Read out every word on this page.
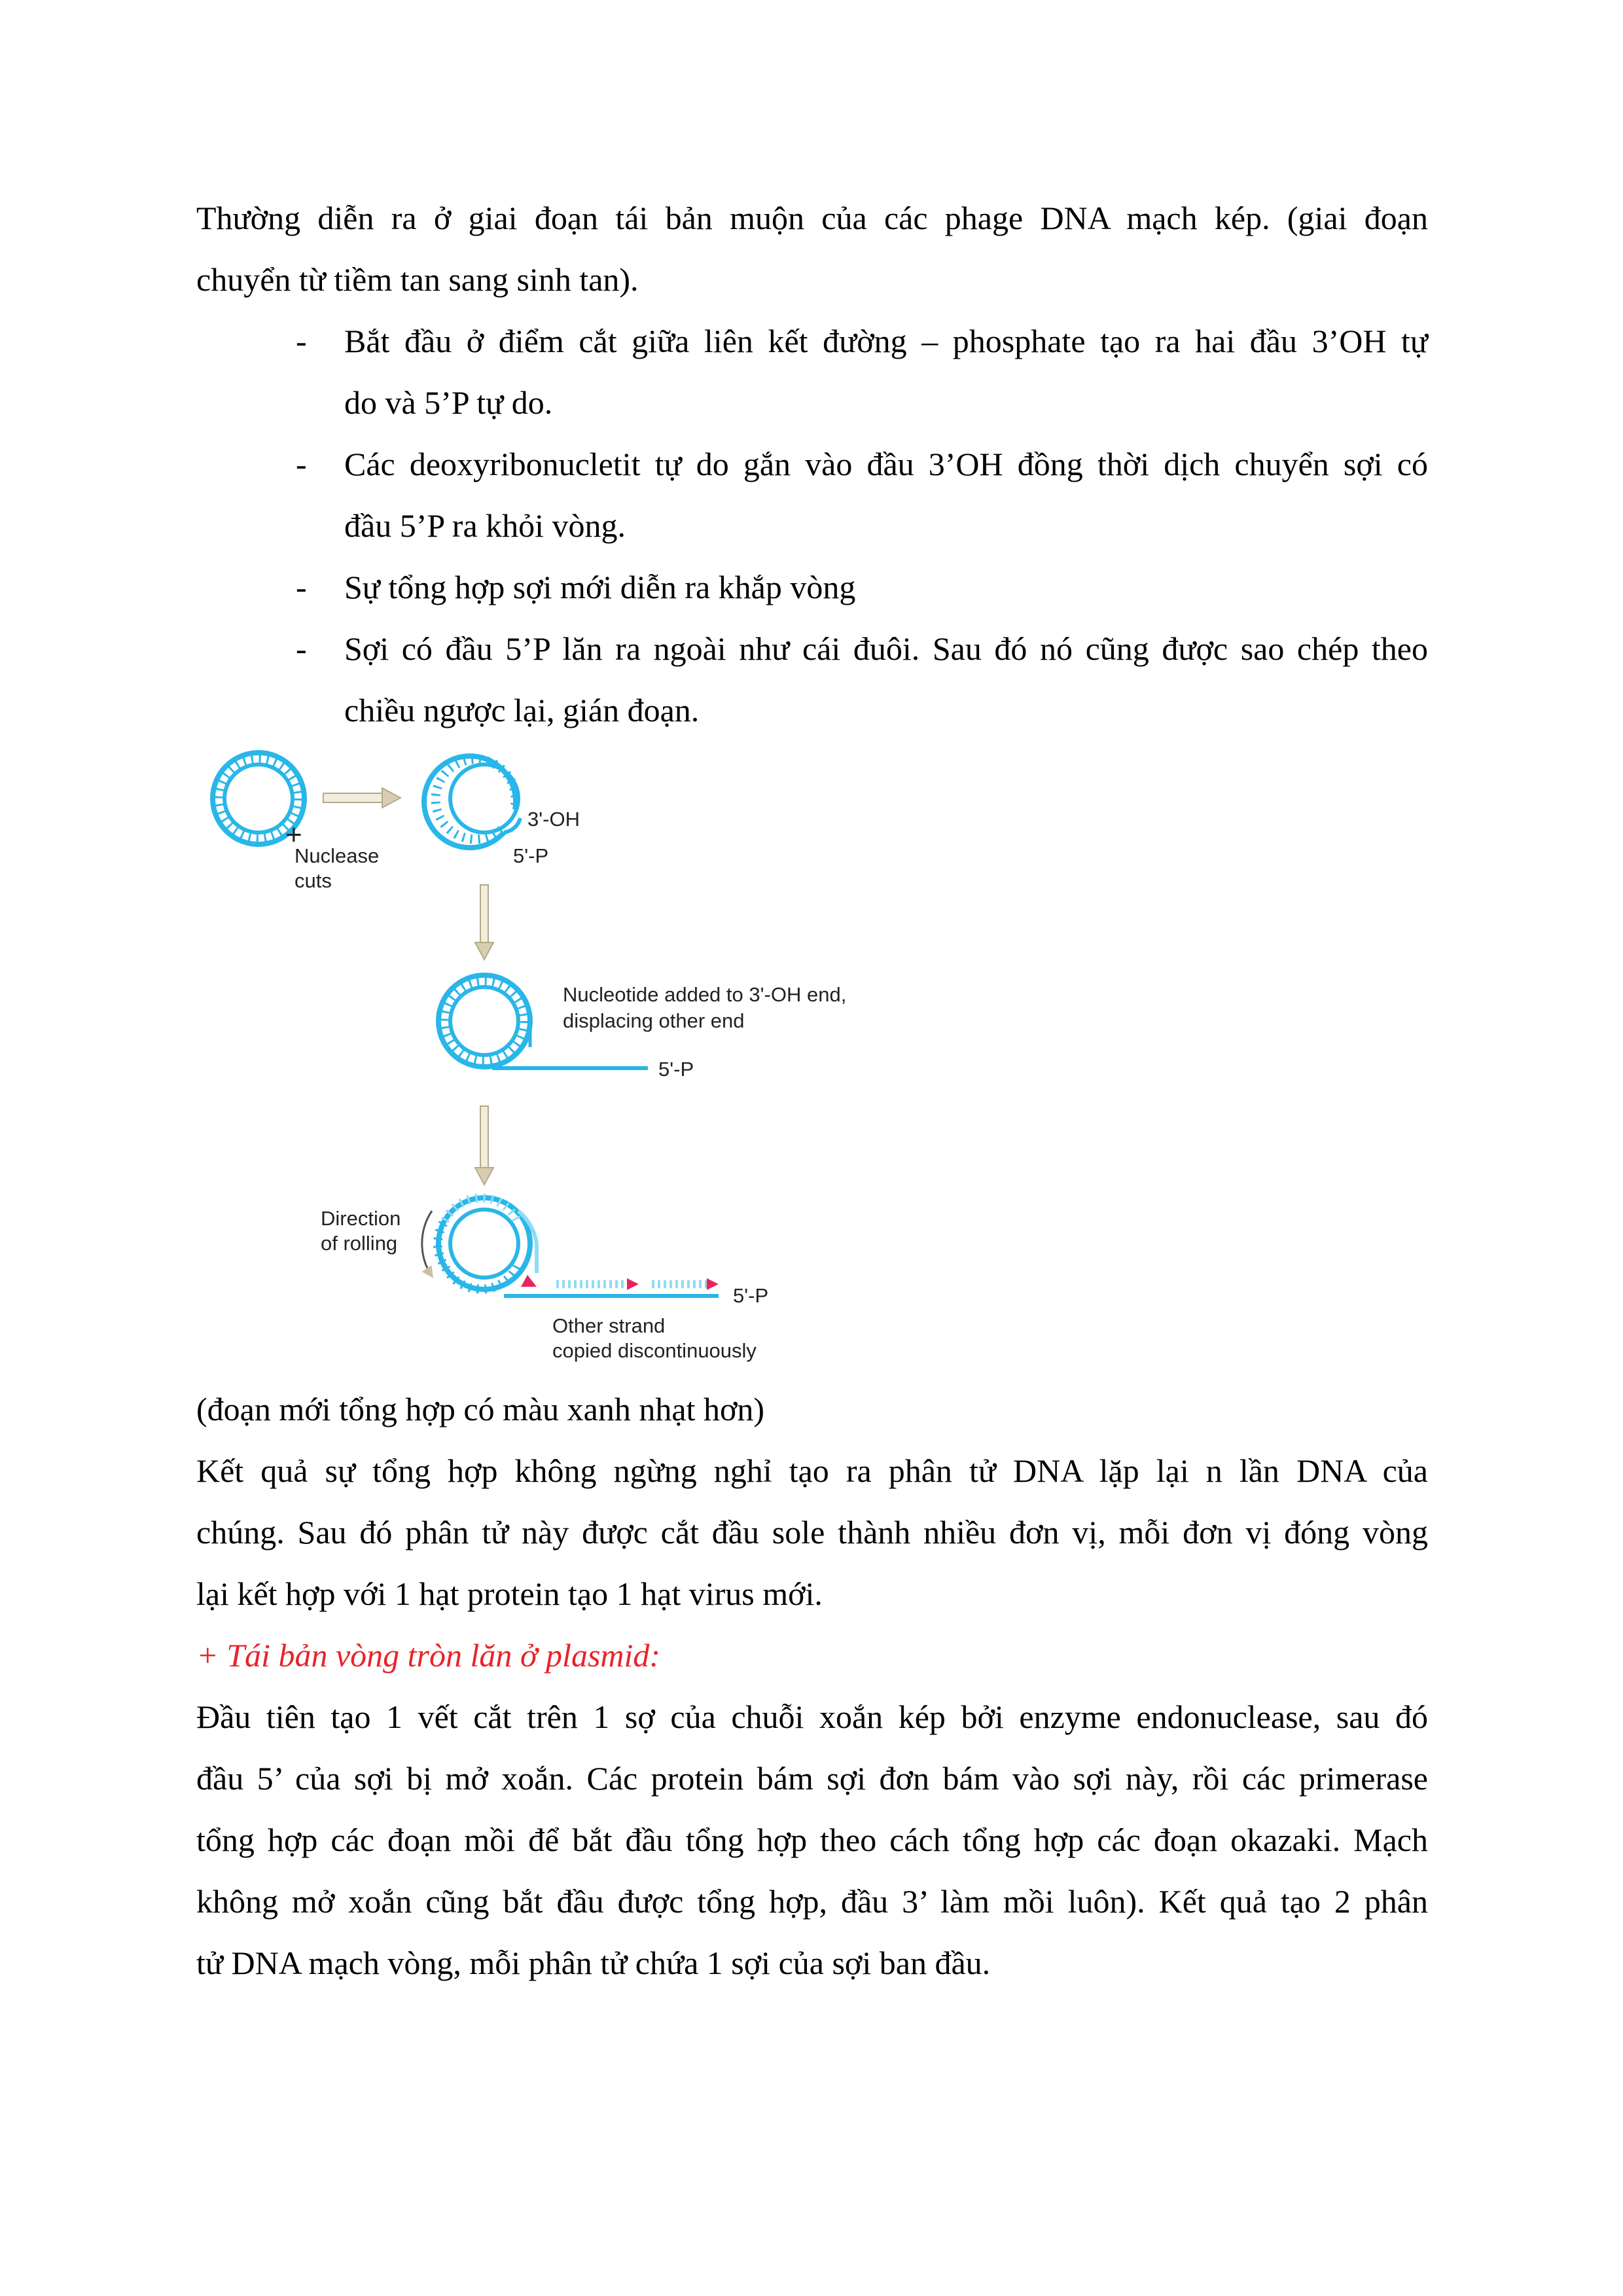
Thường diễn ra ở giai đoạn tái bản muộn của các phage DNA mạch kép. (giai đoạn
chuyển từ tiềm tan sang sinh tan).
- Bắt đầu ở điểm cắt giữa liên kết đường – phosphate tạo ra hai đầu 3’OH tự
do và 5’P tự do.
- Các deoxyribonucletit tự do gắn vào đầu 3’OH đồng thời dịch chuyển sợi có
đầu 5’P ra khỏi vòng.
- Sự tổng hợp sợi mới diễn ra khắp vòng
- Sợi có đầu 5’P lăn ra ngoài như cái đuôi. Sau đó nó cũng được sao chép theo
chiều ngược lại, gián đoạn.
+
Nuclease
cuts
3'-OH
5'-P
Nucleotide added to 3'-OH end,
displacing other end
5'-P
Direction
of rolling
5'-P
Other strand
copied discontinuously
(đoạn mới tổng hợp có màu xanh nhạt hơn)
Kết quả sự tổng hợp không ngừng nghỉ tạo ra phân tử DNA lặp lại n lần DNA của
chúng. Sau đó phân tử này được cắt đầu sole thành nhiều đơn vị, mỗi đơn vị đóng vòng
lại kết hợp với 1 hạt protein tạo 1 hạt virus mới.
+ Tái bản vòng tròn lăn ở plasmid:
Đầu tiên tạo 1 vết cắt trên 1 sợ của chuỗi xoắn kép bởi enzyme endonuclease, sau đó
đầu 5’ của sợi bị mở xoắn. Các protein bám sợi đơn bám vào sợi này, rồi các primerase
tổng hợp các đoạn mồi để bắt đầu tổng hợp theo cách tổng hợp các đoạn okazaki. Mạch
không mở xoắn cũng bắt đầu được tổng hợp, đầu 3’ làm mồi luôn). Kết quả tạo 2 phân
tử DNA mạch vòng, mỗi phân tử chứa 1 sợi của sợi ban đầu.
